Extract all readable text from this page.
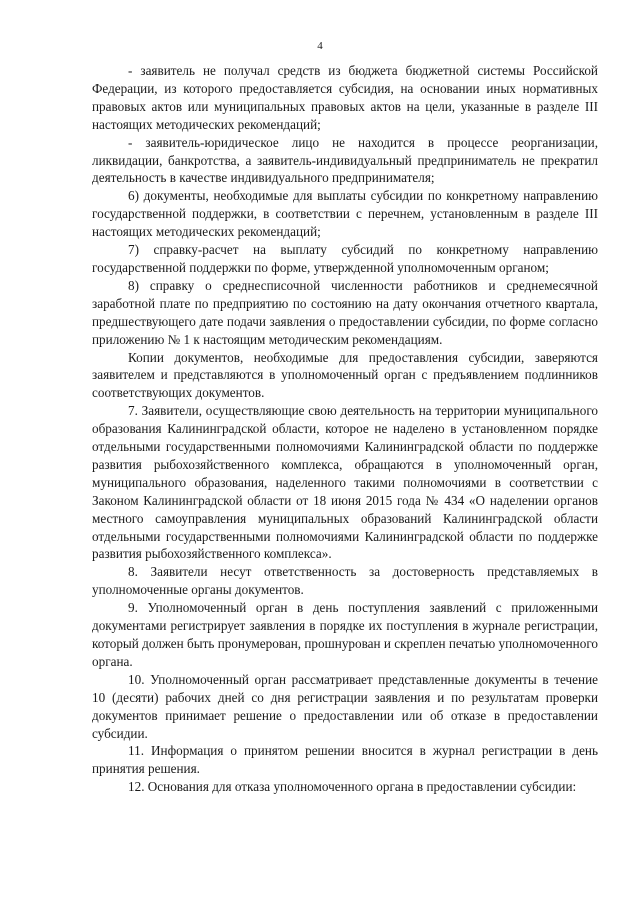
4

- заявитель не получал средств из бюджета бюджетной системы Российской Федерации, из которого предоставляется субсидия, на основании иных нормативных правовых актов или муниципальных правовых актов на цели, указанные в разделе III настоящих методических рекомендаций;

- заявитель-юридическое лицо не находится в процессе реорганизации, ликвидации, банкротства, а заявитель-индивидуальный предприниматель не прекратил деятельность в качестве индивидуального предпринимателя;

6) документы, необходимые для выплаты субсидии по конкретному направлению государственной поддержки, в соответствии с перечнем, установленным в разделе III настоящих методических рекомендаций;

7) справку-расчет на выплату субсидий по конкретному направлению государственной поддержки по форме, утвержденной уполномоченным органом;

8) справку о среднесписочной численности работников и среднемесячной заработной плате по предприятию по состоянию на дату окончания отчетного квартала, предшествующего дате подачи заявления о предоставлении субсидии, по форме согласно приложению № 1 к настоящим методическим рекомендациям.

Копии документов, необходимые для предоставления субсидии, заверяются заявителем и представляются в уполномоченный орган с предъявлением подлинников соответствующих документов.

7. Заявители, осуществляющие свою деятельность на территории муниципального образования Калининградской области, которое не наделено в установленном порядке отдельными государственными полномочиями Калининградской области по поддержке развития рыбохозяйственного комплекса, обращаются в уполномоченный орган, муниципального образования, наделенного такими полномочиями в соответствии с Законом Калининградской области от 18 июня 2015 года № 434 «О наделении органов местного самоуправления муниципальных образований Калининградской области отдельными государственными полномочиями Калининградской области по поддержке развития рыбохозяйственного комплекса».

8. Заявители несут ответственность за достоверность представляемых в уполномоченные органы документов.

9. Уполномоченный орган в день поступления заявлений с приложенными документами регистрирует заявления в порядке их поступления в журнале регистрации, который должен быть пронумерован, прошнурован и скреплен печатью уполномоченного органа.

10. Уполномоченный орган рассматривает представленные документы в течение 10 (десяти) рабочих дней со дня регистрации заявления и по результатам проверки документов принимает решение о предоставлении или об отказе в предоставлении субсидии.

11. Информация о принятом решении вносится в журнал регистрации в день принятия решения.

12. Основания для отказа уполномоченного органа в предоставлении субсидии:
